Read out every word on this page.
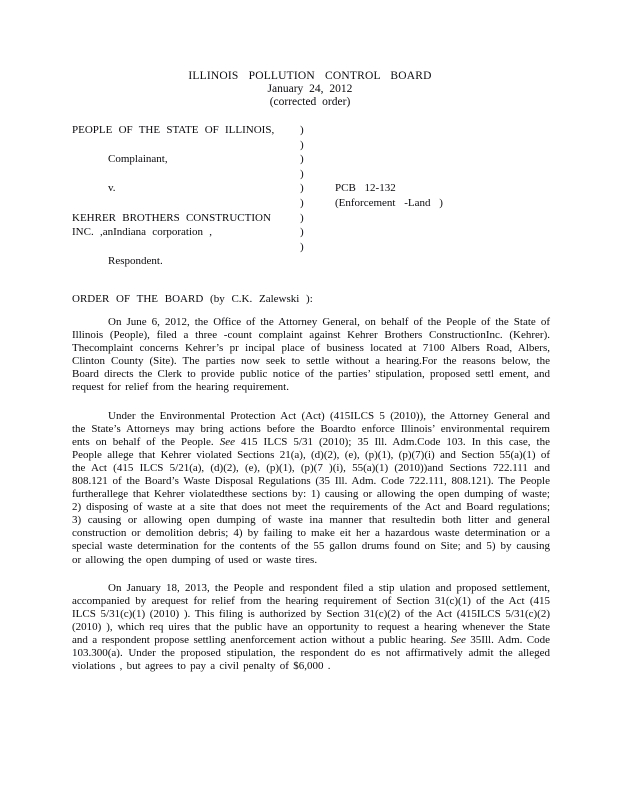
ILLINOIS POLLUTION CONTROL BOARD
January 24, 2012
(corrected order)
PEOPLE OF THE STATE OF ILLINOIS,	)
)
Complainant,	)
)
v.	)	PCB 12-132
)	(Enforcement -Land )
KEHRER BROTHERS CONSTRUCTION	)
INC. ,anIndiana corporation ,	)
)
Respondent.
ORDER OF THE BOARD (by C.K. Zalewski ):

On June 6, 2012, the Office of the Attorney General, on behalf of the People of the State of Illinois (People), filed a three -count complaint against Kehrer Brothers ConstructionInc. (Kehrer). Thecomplaint concerns Kehrer’s pr incipal place of business located at 7100 Albers Road, Albers, Clinton County (Site). The parties now seek to settle without a hearing.For the reasons below, the Board directs the Clerk to provide public notice of the parties’ stipulation, proposed settl ement, and request for relief from the hearing requirement.

Under the Environmental Protection Act (Act) (415ILCS 5 (2010)), the Attorney General and the State’s Attorneys may bring actions before the Boardto enforce Illinois’ environmental requirem ents on behalf of the People. See 415 ILCS 5/31 (2010); 35 Ill. Adm.Code 103. In this case, the People allege that Kehrer violated Sections 21(a), (d)(2), (e), (p)(1), (p)(7)(i) and Section 55(a)(1) of the Act (415 ILCS 5/21(a), (d)(2), (e), (p)(1), (p)(7 )(i), 55(a)(1) (2010))and Sections 722.111 and 808.121 of the Board’s Waste Disposal Regulations (35 Ill. Adm. Code 722.111, 808.121). The People furtherallege that Kehrer violatedthese sections by: 1) causing or allowing the open dumping of waste; 2) disposing of waste at a site that does not meet the requirements of the Act and Board regulations; 3) causing or allowing open dumping of waste ina manner that resultedin both litter and general construction or demolition debris; 4) by failing to make eit her a hazardous waste determination or a special waste determination for the contents of the 55 gallon drums found on Site; and 5) by causing or allowing the open dumping of used or waste tires.

On January 18, 2013, the People and respondent filed a stip ulation and proposed settlement, accompanied by arequest for relief from the hearing requirement of Section 31(c)(1) of the Act (415 ILCS 5/31(c)(1) (2010) ). This filing is authorized by Section 31(c)(2) of the Act (415ILCS 5/31(c)(2) (2010) ), which req uires that the public have an opportunity to request a hearing whenever the State and a respondent propose settling anenforcement action without a public hearing. See 35Ill. Adm. Code 103.300(a). Under the proposed stipulation, the respondent do es not affirmatively admit the alleged violations , but agrees to pay a civil penalty of $6,000 .
